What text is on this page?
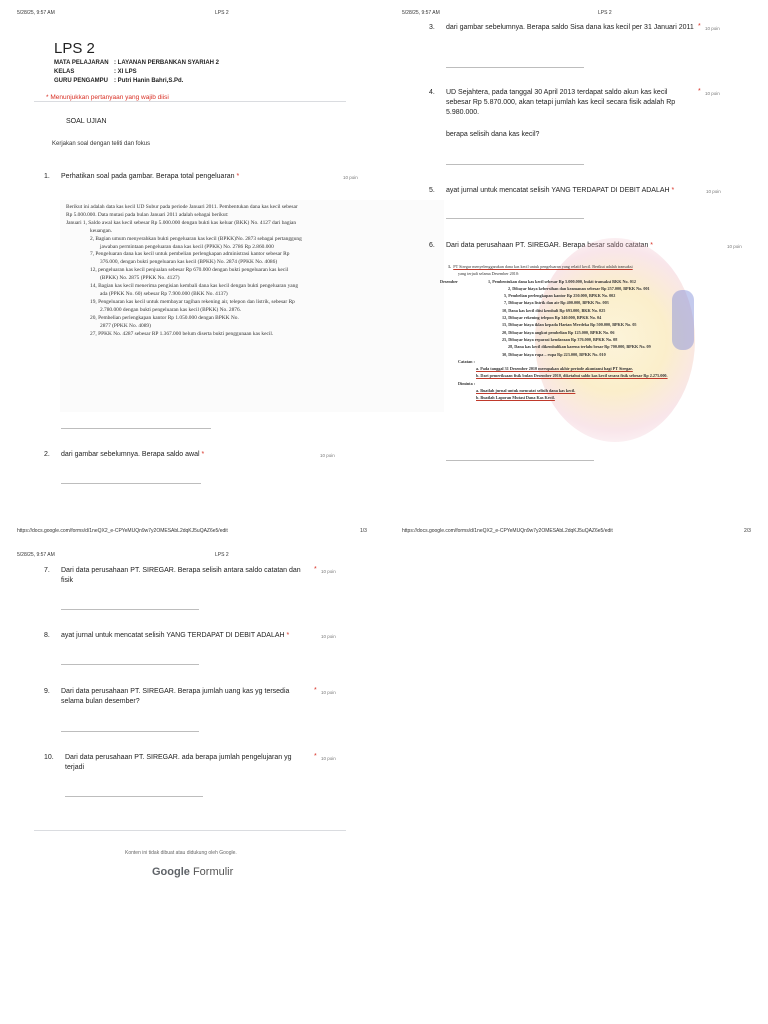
5/28/25, 9:57 AM	LPS 2
LPS 2
MATA PELAJARAN : LAYANAN PERBANKAN SYARIAH 2
KELAS	: XI LPS
GURU PENGAMPU : Putri Hanin Bahri,S.Pd.
* Menunjukkan pertanyaan yang wajib diisi
SOAL UJIAN
Kerjakan soal dengan teliti dan fokus
1. Perhatikan soal pada gambar. Berapa total pengeluaran *	10 poin

Berikut ini adalah data kas kecil UD Subur pada periode Januari 2011. Pembentukan dana kas kecil sebesar

Rp 5.000.000. Data mutasi pada bulan Januari 2011 adalah sebagai berikut:

Januari 1, Saldo awal kas kecil sebesar Rp 5.000.000 dengan bukti kas keluar (BKK) No. 4127 dari bagian

keuangan.

2, Bagian umum menyerahkan bukti pengeluaran kas kecil (BPKK)No. 2873 sebagai pertanggung

jawaban permintaan pengeluaran dana kas kecil (PPKK) No. 2786 Rp 2.860.000

7, Pengeluaran dana kas kecil untuk pembelian perlengkapan administrasi kantor sebesar Rp

376.000, dengan bukti pengeluaran kas kecil (BPKK) No. 2874 (PPKK No. 4086)

12, pengeluaran kas kecil penjualan sebesar Rp 670.000 dengan bukti pengeluaran kas kecil

(BPKK) No. 2875 (PPKK No. 4127)

14, Bagian kas kecil menerima pengisian kembali dana kas kecil dengan bukti pengeluaran yang

ada (PPKK No. 60) sebesar Rp 7.900.000 (BKK No. 4137)

19, Pengeluaran kas kecil untuk membayar tagihan rekening air, telepon dan listrik, sebesar Rp

2.780.000 dengan bukti pengeluaran kas kecil (BPKK) No. 2876.

20, Pembelian perlengkapan kantor Rp 1.050.000 dengan BPKK No.

2877 (PPKK No. 4089)

27, PPKK No. 4287 sebesar RP 1.367.000 belum diserta bukti penggunaan kas kecil.

2. dari gambar sebelumnya. Berapa saldo awal *	10 poin
https://docs.google.com/forms/d/1neQX2_e-CPYeMUQn9w7y2OMESAbL2dqKJ5uQAZ6e5/edit	1/3
5/28/25, 9:57 AM	LPS 2
3. dari gambar sebelumnya. Berapa saldo Sisa dana kas kecil per 31 Januari 2011 * 10 poin
4. UD Sejahtera, pada tanggal 30 April 2013 terdapat saldo akun kas kecil sebesar Rp 5.870.000, akan tetapi jumlah kas kecil secara fisik adalah Rp 5.980.000.
* 10 poin
berapa selisih dana kas kecil?
5. ayat jurnal untuk mencatat selisih YANG TERDAPAT DI DEBIT ADALAH *	10 poin
6. Dari data perusahaan PT. SIREGAR. Berapa besar saldo catatan *	10 poin

1. PT Siregar menyelenggarakan dana kas kecil untuk pengeluaran yang relatif kecil. Berikut adalah transaksi

yang terjadi selama Desember 2010:

Desember	1, Pembentukan dana kas kecil sebesar Rp 5.000.000, bukti transaksi BKK No. 012

2, Dibayar biaya kebersihan dan keamanan sebesar Rp 257.000, BPKK No. 001

5, Pembelian perlengkapan kantor Rp 250.000, BPKK No. 002

7, Dibayar biaya listrik dan air Rp 400.000, BPKK No. 003

10, Dana kas kecil diisi kembali Rp 693.000, BKK No. 025

12, Dibayar rekening telepon Rp 340.000, BPKK No. 04

15, Dibayar biaya iklan kepada Harian Merdeka Rp 500.000, BPKK No. 05

20, Dibayar biaya angkut pembelian Rp 125.000, BPKK No. 06

25, Dibayar biaya reparasi kendaraan Rp 376.000, BPKK No. 08

28, Dana kas kecil dikembalikan karena terlalu besar Rp 700.000, BPKK No. 09

30, Dibayar biaya rupa – rupa Rp 223.000, BPKK No. 010

Catatan :

a. Pada tanggal 31 Desember 2010 merupakan akhir periode akuntansi bagi PT Siregar.

b. Dari pemeriksaan fisik bulan Desember 2010, diketahui saldo kas kecil secara fisik sebesar Rp 2.275.000.

Diminta :

a. Buatlah jurnal untuk mencatat selisih dana kas kecil.

b. Buatlah Laporan Mutasi Dana Kas Kecil.

https://docs.google.com/forms/d/1neQX2_e-CPYeMUQn9w7y2OMESAbL2dqKJ5uQAZ6e5/edit	2/3
5/28/25, 9:57 AM	LPS 2
7. Dari data perusahaan PT. SIREGAR. Berapa selisih antara saldo catatan dan fisik
* 10 poin
8. ayat jurnal untuk mencatat selisih YANG TERDAPAT DI DEBIT ADALAH *	10 poin
9. Dari data perusahaan PT. SIREGAR. Berapa jumlah uang kas yg tersedia selama bulan desember?
* 10 poin
10. Dari data perusahaan PT. SIREGAR. ada berapa jumlah pengelujaran yg terjadi
* 10 poin
Konten ini tidak dibuat atau didukung oleh Google.
Google Formulir
